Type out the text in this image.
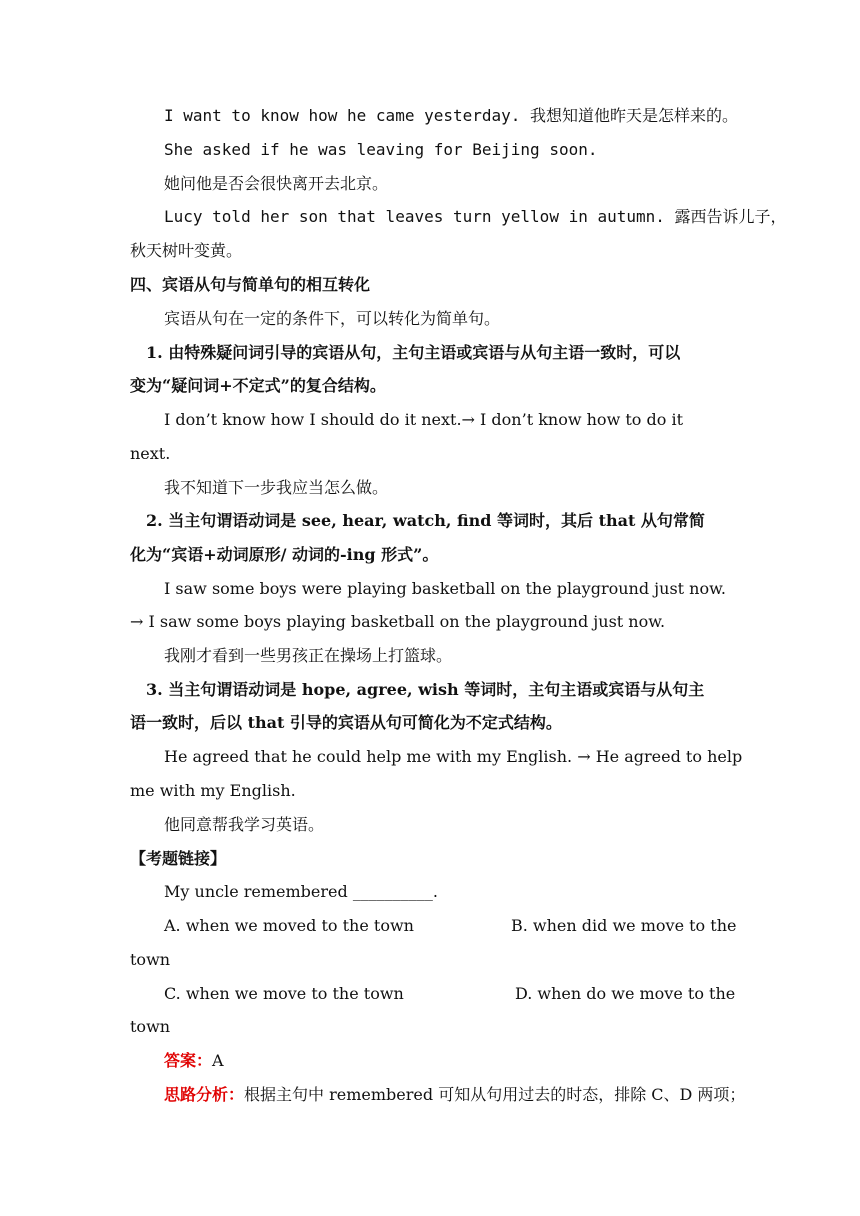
I want to know how he came yesterday. 我想知道他昨天是怎样来的。
She asked if he was leaving for Beijing soon.
她问他是否会很快离开去北京。
Lucy told her son that leaves turn yellow in autumn. 露西告诉儿子，
秋天树叶变黄。
四、宾语从句与简单句的相互转化
宾语从句在一定的条件下，可以转化为简单句。
1. 由特殊疑问词引导的宾语从句，主句主语或宾语与从句主语一致时，可以
变为“疑问词+不定式”的复合结构。
I don’t know how I should do it next.→ I don’t know how to do it
next.
我不知道下一步我应当怎么做。
2. 当主句谓语动词是 see, hear, watch, find 等词时，其后 that 从句常简
化为“宾语+动词原形/ 动词的-ing 形式”。
I saw some boys were playing basketball on the playground just now.
→ I saw some boys playing basketball on the playground just now.
我刚才看到一些男孩正在操场上打篮球。
3. 当主句谓语动词是 hope, agree, wish 等词时，主句主语或宾语与从句主
语一致时，后以 that 引导的宾语从句可简化为不定式结构。
He agreed that he could help me with my English. → He agreed to help
me with my English.
他同意帮我学习英语。
【考题链接】
My uncle remembered __________.
A. when we moved to the town	B. when did we move to the
town
C. when we move to the town	D. when do we move to the
town
答案：A
思路分析：根据主句中 remembered 可知从句用过去的时态，排除 C、D 两项；
